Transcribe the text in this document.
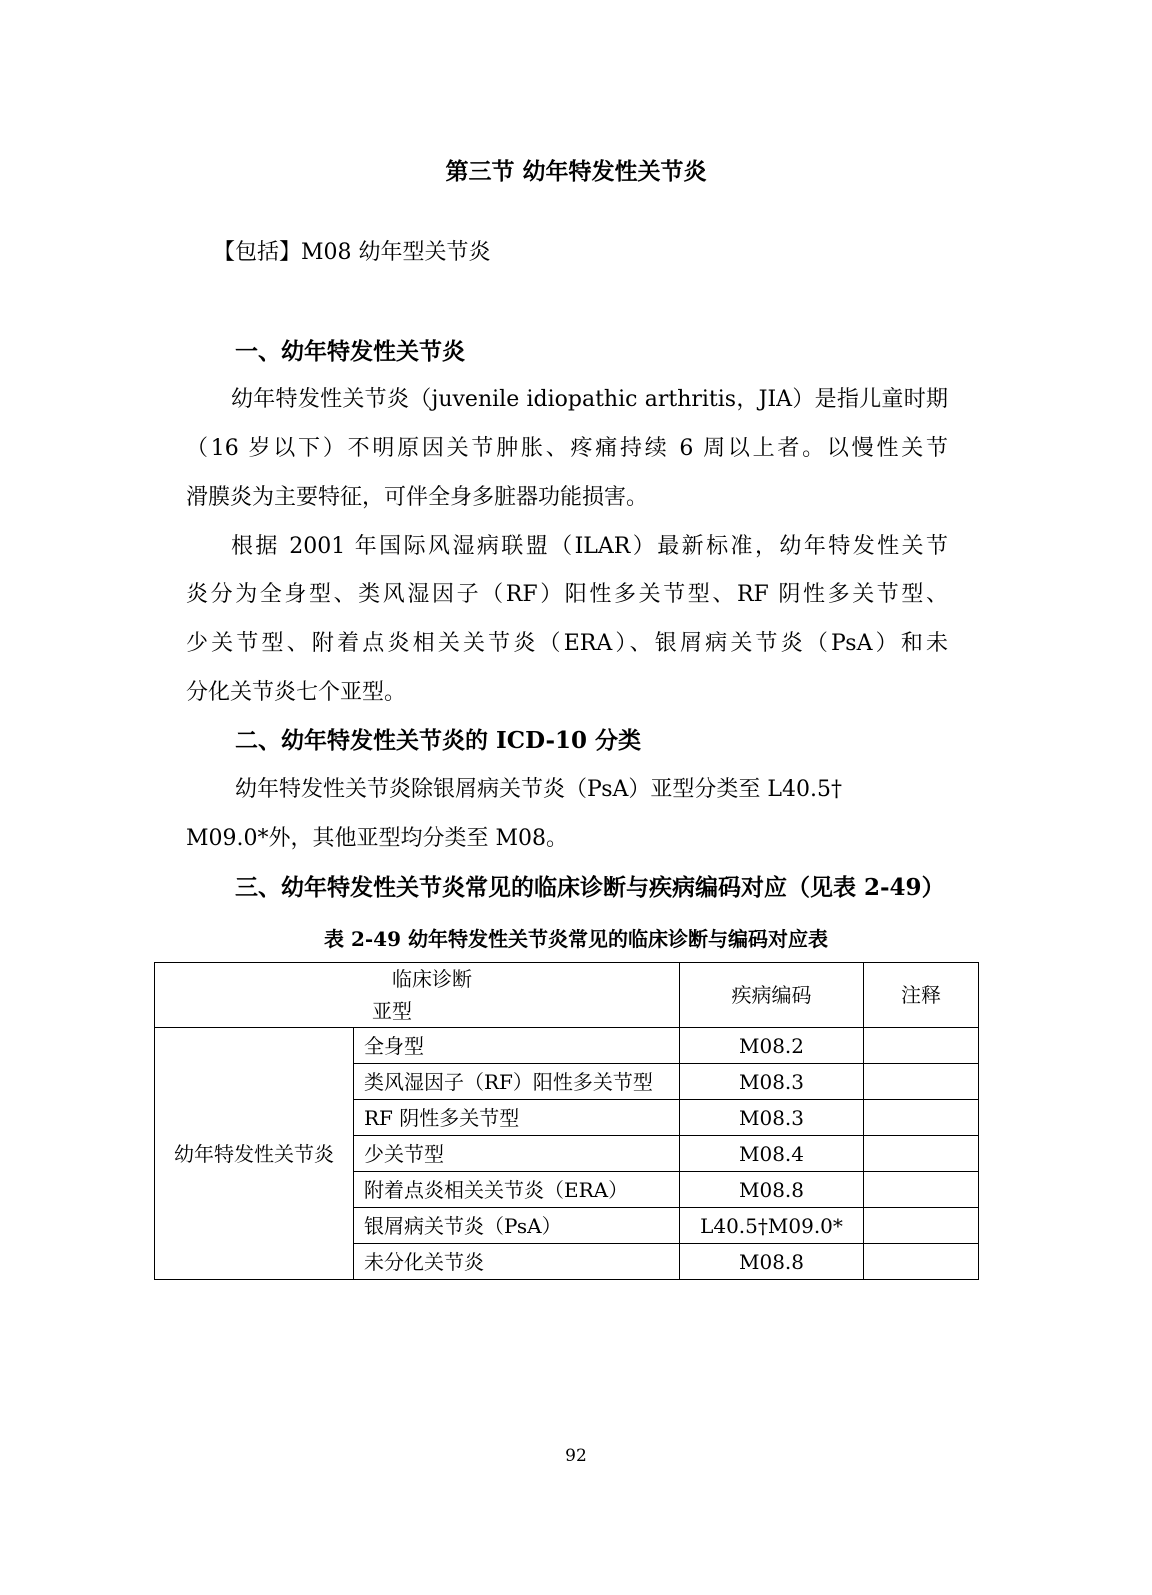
第三节 幼年特发性关节炎
【包括】M08 幼年型关节炎
一、幼年特发性关节炎
幼年特发性关节炎（juvenile idiopathic arthritis，JIA）是指儿童时期
（16 岁以下）不明原因关节肿胀、疼痛持续 6 周以上者。以慢性关节
滑膜炎为主要特征，可伴全身多脏器功能损害。
根据 2001 年国际风湿病联盟（ILAR）最新标准，幼年特发性关节
炎分为全身型、类风湿因子（RF）阳性多关节型、RF 阴性多关节型、
少关节型、附着点炎相关关节炎（ERA）、银屑病关节炎（PsA）和未
分化关节炎七个亚型。
二、幼年特发性关节炎的 ICD-10 分类
幼年特发性关节炎除银屑病关节炎（PsA）亚型分类至 L40.5†
M09.0*外，其他亚型均分类至 M08。
三、幼年特发性关节炎常见的临床诊断与疾病编码对应（见表 2-49）
表 2-49 幼年特发性关节炎常见的临床诊断与编码对应表
临床诊断
亚型		疾病编码	注释
幼年特发性关节炎	全身型	M08.2	
	类风湿因子（RF）阳性多关节型	M08.3	
	RF 阴性多关节型	M08.3	
	少关节型	M08.4	
	附着点炎相关关节炎（ERA）	M08.8	
	银屑病关节炎（PsA）	L40.5†M09.0*	
	未分化关节炎	M08.8	
92
